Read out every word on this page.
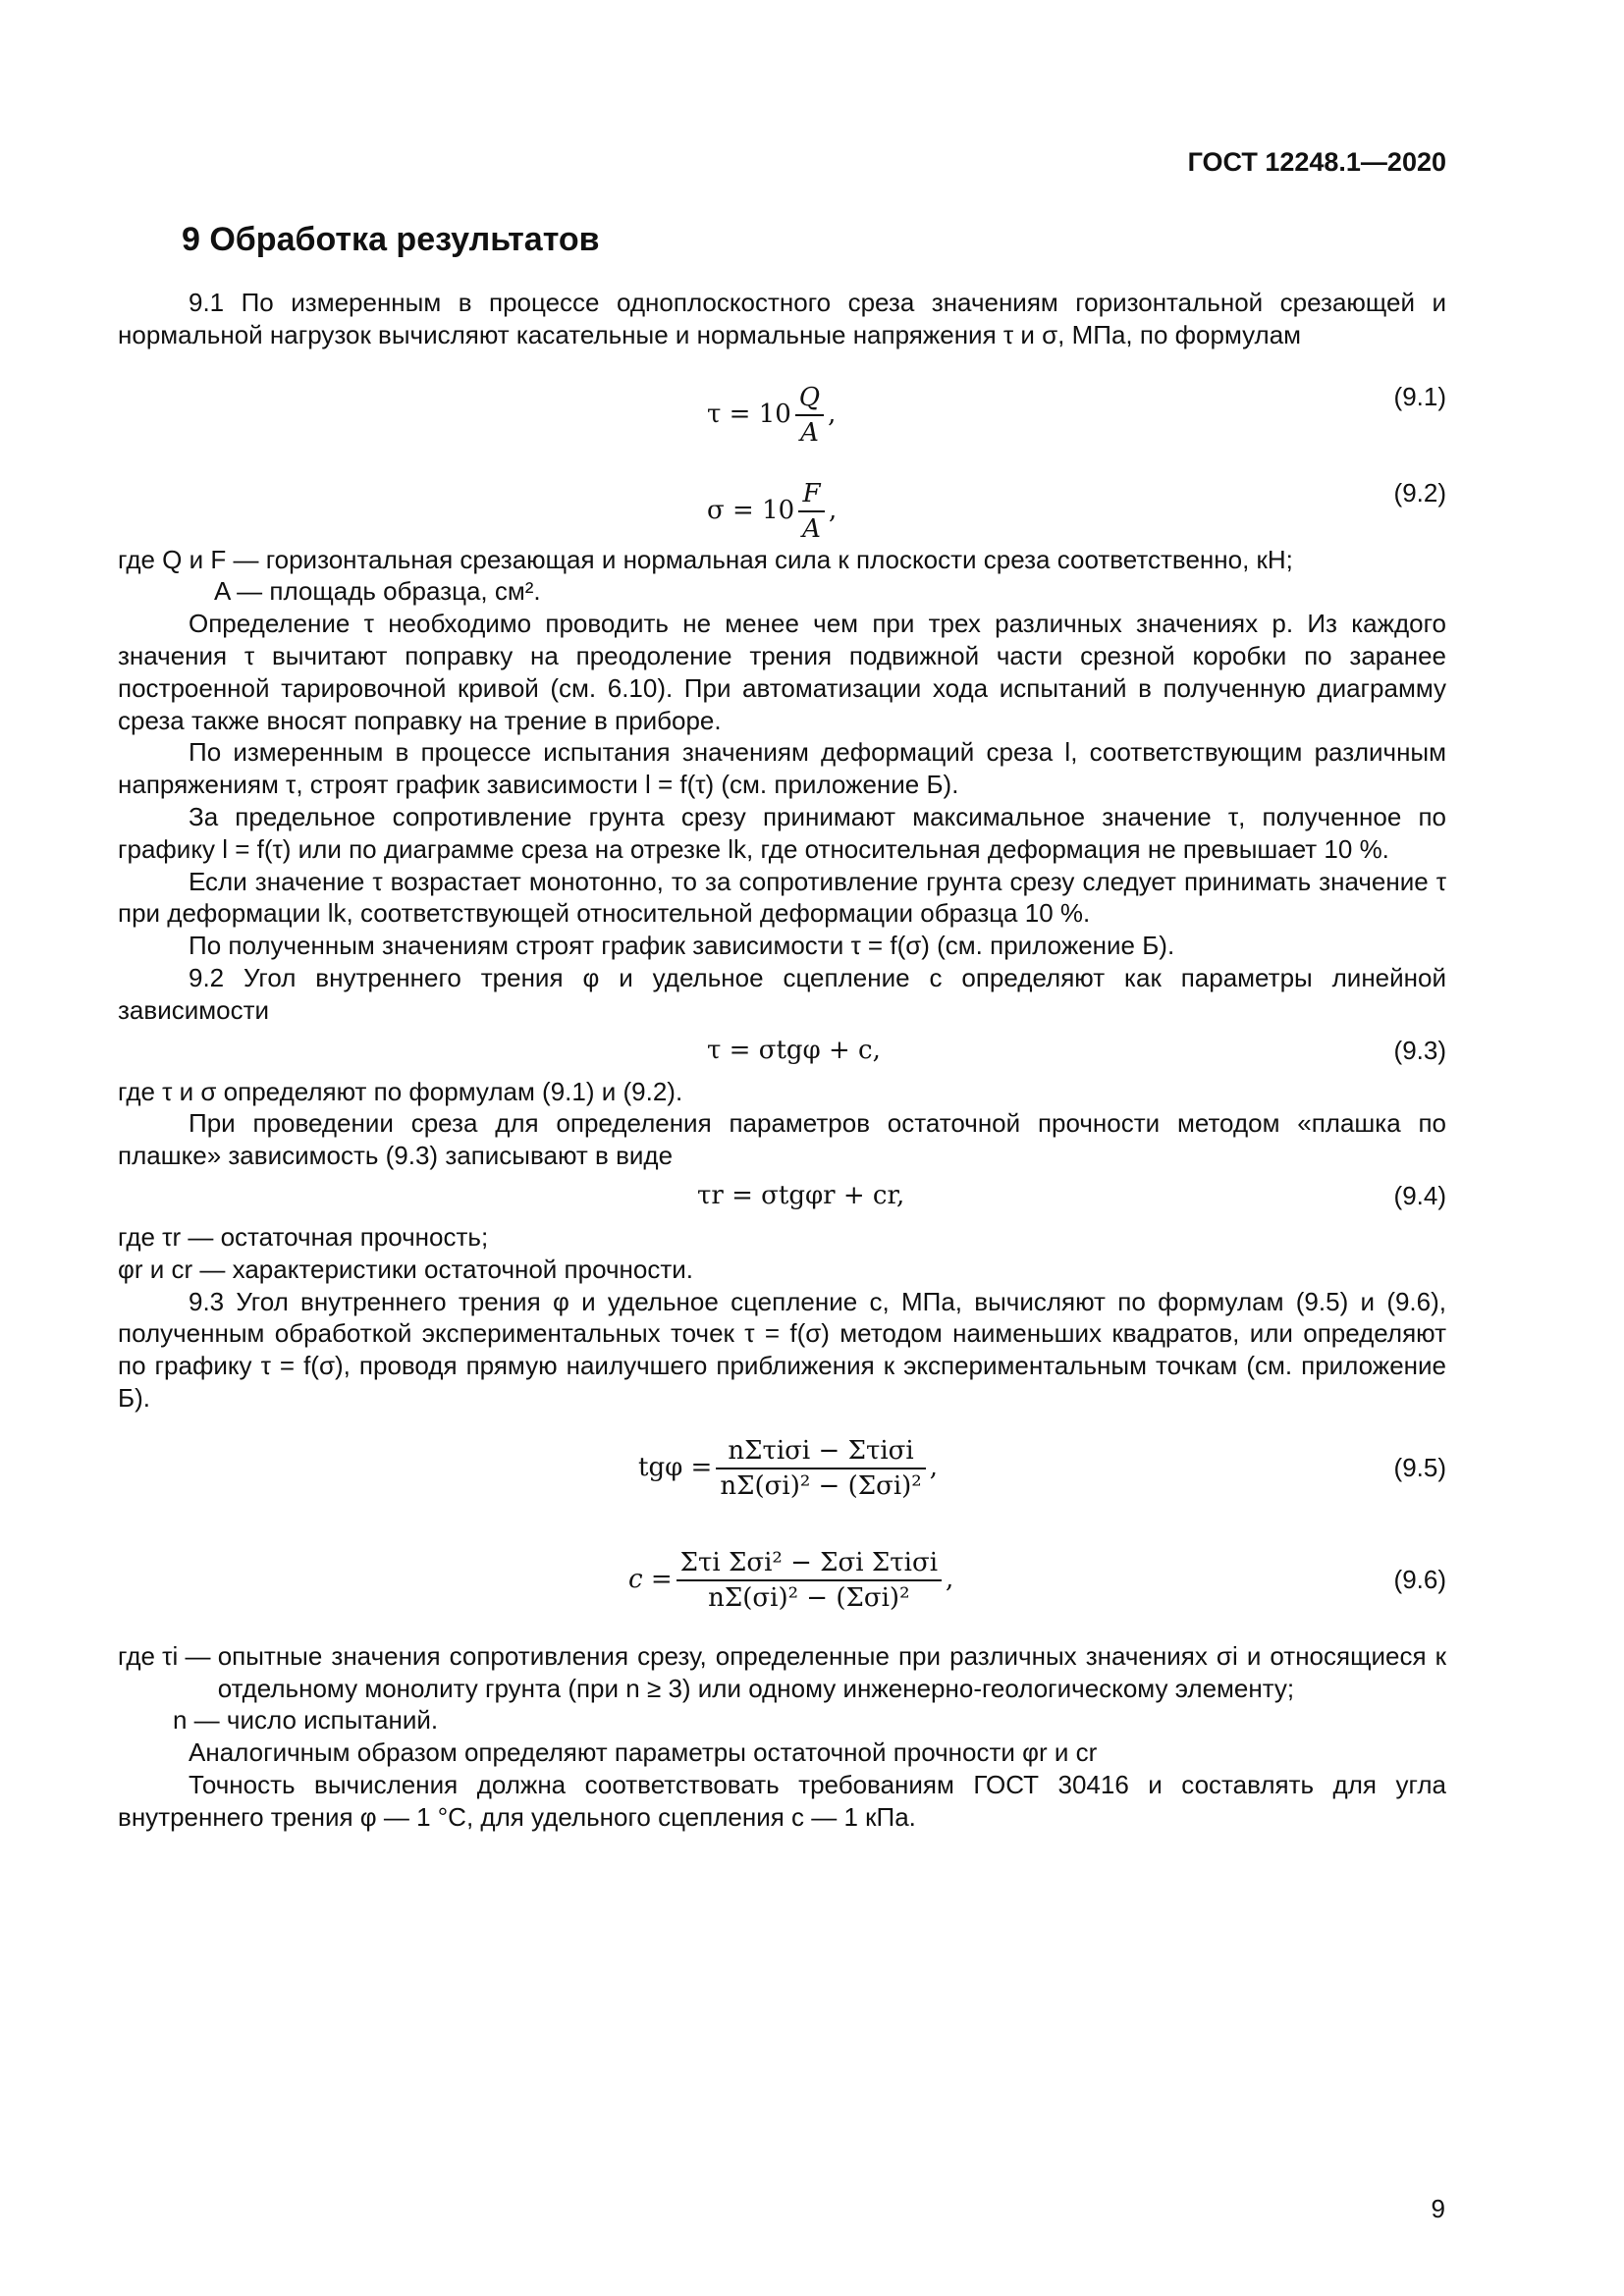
ГОСТ 12248.1—2020
9 Обработка результатов

9.1 По измеренным в процессе одноплоскостного среза значениям горизонтальной срезающей и нормальной нагрузок вычисляют касательные и нормальные напряжения τ и σ, МПа, по формулам

$\tau = 10 \frac{Q}{A}$ ,
(9.1)
$\sigma = 10 \frac{F}{A}$ ,
(9.2)

где Q и F —
горизонтальная срезающая и нормальная сила к плоскости среза соответственно, кН;

A —
площадь образца, см².

Определение τ необходимо проводить не менее чем при трех различных значениях p. Из каждого значения τ вычитают поправку на преодоление трения подвижной части срезной коробки по заранее построенной тарировочной кривой (см. 6.10). При автоматизации хода испытаний в полученную диаграмму среза также вносят поправку на трение в приборе.

По измеренным в процессе испытания значениям деформаций среза l, соответствующим различным напряжениям τ, строят график зависимости l = f(τ) (см. приложение Б).

За предельное сопротивление грунта срезу принимают максимальное значение τ, полученное по графику l = f(τ) или по диаграмме среза на отрезке lk, где относительная деформация не превышает 10 %.

Если значение τ возрастает монотонно, то за сопротивление грунта срезу следует принимать значение τ при деформации lk, соответствующей относительной деформации образца 10 %.

По полученным значениям строят график зависимости τ = f(σ) (см. приложение Б).

9.2 Угол внутреннего трения φ и удельное сцепление c определяют как параметры линейной зависимости

τ = σtgφ + c,	(9.3)

где τ и σ определяют по формулам (9.1) и (9.2).

При проведении среза для определения параметров остаточной прочности методом «плашка по плашке» зависимость (9.3) записывают в виде

τr = σtgφr + cr,	(9.4)

где τr —
остаточная прочность;

φr и cr —
характеристики остаточной прочности.

9.3 Угол внутреннего трения φ и удельное сцепление c, МПа, вычисляют по формулам (9.5) и (9.6), полученным обработкой экспериментальных точек τ = f(σ) методом наименьших квадратов, или определяют по графику τ = f(σ), проводя прямую наилучшего приближения к экспериментальным точкам (см. приложение Б).

$tg\varphi = \frac{\text{nΣτiσi − Στiσi}}{\text{nΣ(σi)² − (Σσi)²}}$ ,	(9.5)
$c = \frac{\text{Στi Σσi² − Σσi Στiσi}}{\text{nΣ(σi)² − (Σσi)²}}$ ,	(9.6)

где τi —
опытные значения сопротивления срезу, определенные при различных значениях σi и относящиеся к отдельному монолиту грунта (при n ≥ 3) или одному инженерно-геологическому элементу;

n —
число испытаний.

Аналогичным образом определяют параметры остаточной прочности φr и cr

Точность вычисления должна соответствовать требованиям ГОСТ 30416 и составлять для угла внутреннего трения φ — 1 °С, для удельного сцепления c — 1 кПа.

9
